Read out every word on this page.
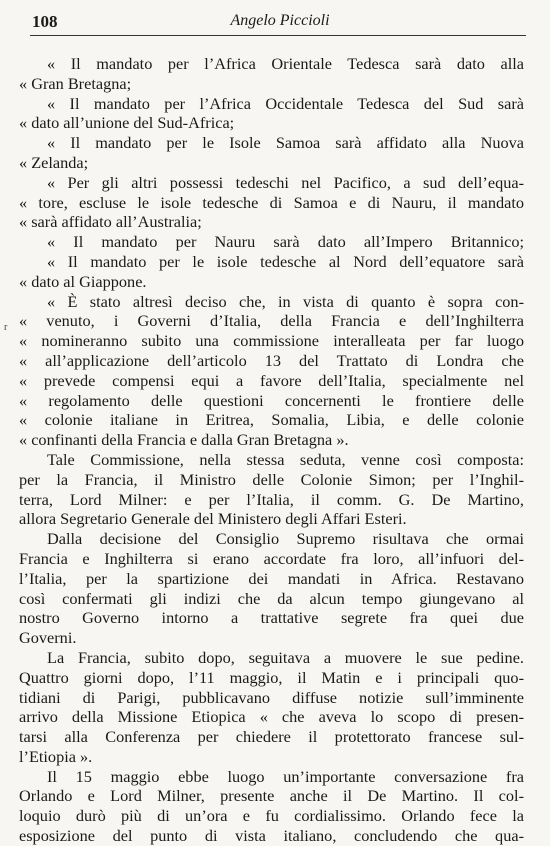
108	Angelo Piccioli
r
« Il mandato per l’Africa Orientale Tedesca sarà dato alla
« Gran Bretagna;
« Il mandato per l’Africa Occidentale Tedesca del Sud sarà
« dato all’unione del Sud-Africa;
« Il mandato per le Isole Samoa sarà affidato alla Nuova
« Zelanda;
« Per gli altri possessi tedeschi nel Pacifico, a sud dell’equa-
« tore, escluse le isole tedesche di Samoa e di Nauru, il mandato
« sarà affidato all’Australia;
« Il mandato per Nauru sarà dato all’Impero Britannico;
« Il mandato per le isole tedesche al Nord dell’equatore sarà
« dato al Giappone.
« È stato altresì deciso che, in vista di quanto è sopra con-
« venuto, i Governi d’Italia, della Francia e dell’Inghilterra
« nomineranno subito una commissione interalleata per far luogo
« all’applicazione dell’articolo 13 del Trattato di Londra che
« prevede compensi equi a favore dell’Italia, specialmente nel
« regolamento delle questioni concernenti le frontiere delle
« colonie italiane in Eritrea, Somalia, Libia, e delle colonie
« confinanti della Francia e dalla Gran Bretagna ».
Tale Commissione, nella stessa seduta, venne così composta:
per la Francia, il Ministro delle Colonie Simon; per l’Inghil-
terra, Lord Milner: e per l’Italia, il comm. G. De Martino,
allora Segretario Generale del Ministero degli Affari Esteri.
Dalla decisione del Consiglio Supremo risultava che ormai
Francia e Inghilterra si erano accordate fra loro, all’infuori del-
l’Italia, per la spartizione dei mandati in Africa. Restavano
così confermati gli indizi che da alcun tempo giungevano al
nostro Governo intorno a trattative segrete fra quei due
Governi.
La Francia, subito dopo, seguitava a muovere le sue pedine.
Quattro giorni dopo, l’11 maggio, il Matin e i principali quo-
tidiani di Parigi, pubblicavano diffuse notizie sull’imminente
arrivo della Missione Etiopica « che aveva lo scopo di presen-
tarsi alla Conferenza per chiedere il protettorato francese sul-
l’Etiopia ».
Il 15 maggio ebbe luogo un’importante conversazione fra
Orlando e Lord Milner, presente anche il De Martino. Il col-
loquio durò più di un’ora e fu cordialissimo. Orlando fece la
esposizione del punto di vista italiano, concludendo che qua-
